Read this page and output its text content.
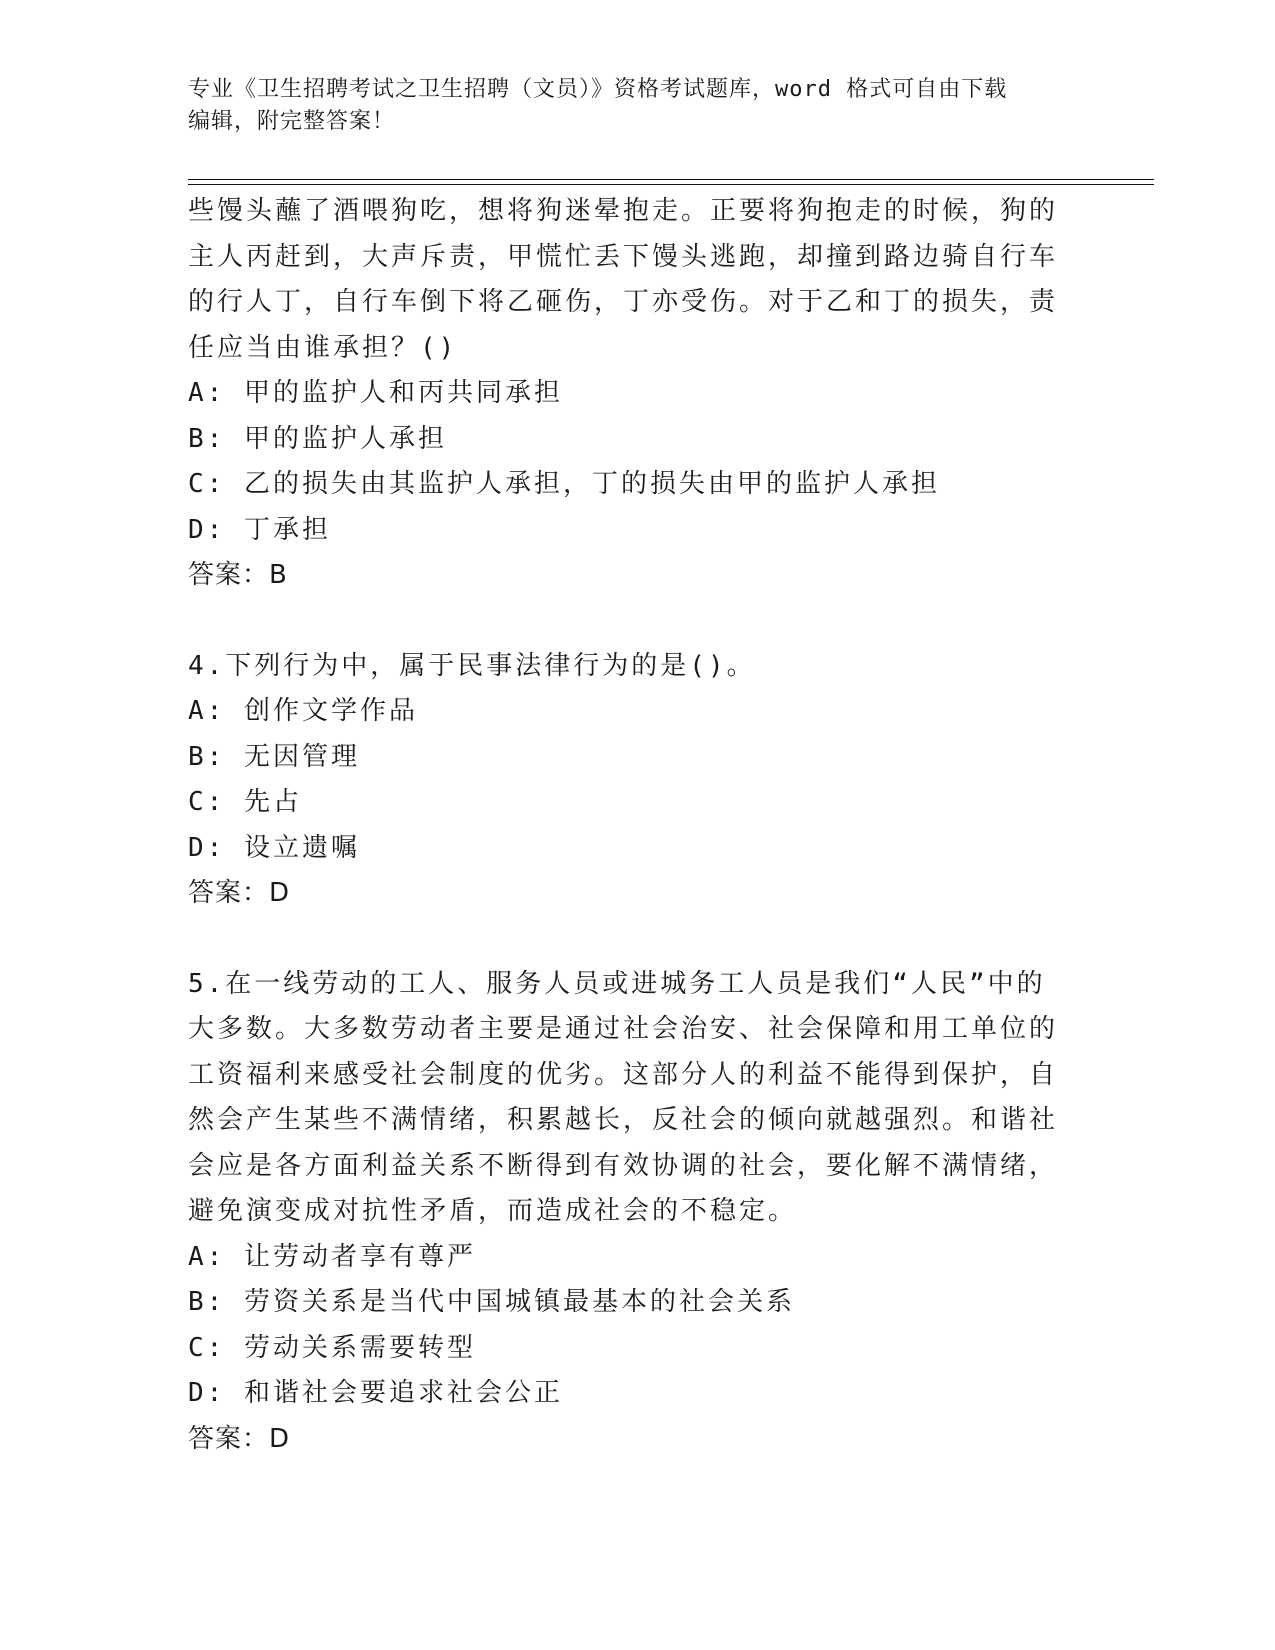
专业《卫生招聘考试之卫生招聘（文员）》资格考试题库，word 格式可自由下载
编辑，附完整答案！
些馒头蘸了酒喂狗吃，想将狗迷晕抱走。正要将狗抱走的时候，狗的
主人丙赶到，大声斥责，甲慌忙丢下馒头逃跑，却撞到路边骑自行车
的行人丁，自行车倒下将乙砸伤，丁亦受伤。对于乙和丁的损失，责
任应当由谁承担？()
A: 甲的监护人和丙共同承担
B: 甲的监护人承担
C: 乙的损失由其监护人承担，丁的损失由甲的监护人承担
D: 丁承担
答案：B
4.下列行为中，属于民事法律行为的是()。
A: 创作文学作品
B: 无因管理
C: 先占
D: 设立遗嘱
答案：D
5.在一线劳动的工人、服务人员或进城务工人员是我们“人民”中的
大多数。大多数劳动者主要是通过社会治安、社会保障和用工单位的
工资福利来感受社会制度的优劣。这部分人的利益不能得到保护，自
然会产生某些不满情绪，积累越长，反社会的倾向就越强烈。和谐社
会应是各方面利益关系不断得到有效协调的社会，要化解不满情绪，
避免演变成对抗性矛盾，而造成社会的不稳定。
A: 让劳动者享有尊严
B: 劳资关系是当代中国城镇最基本的社会关系
C: 劳动关系需要转型
D: 和谐社会要追求社会公正
答案：D
